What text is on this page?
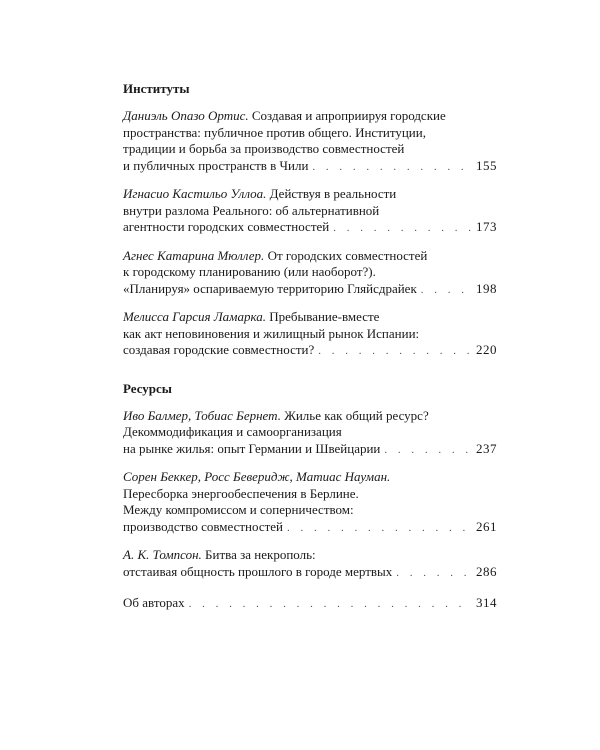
Институты
Даниэль Опазо Ортис. Создавая и апроприируя городские
пространства: публичное против общего. Институции,
традиции и борьба за производство совместностей
и публичных пространств в Чили . . .	155
Игнасио Кастильо Уллоа. Действуя в реальности
внутри разлома Реального: об альтернативной
агентности городских совместностей . . .	173
Агнес Катарина Мюллер. От городских совместностей
к городскому планированию (или наоборот?).
«Планируя» оспариваемую территорию Гляйсдрайек . . .	198
Мелисса Гарсия Ламарка. Пребывание-вместе
как акт неповиновения и жилищный рынок Испании:
создавая городские совместности? . . .	220
Ресурсы
Иво Балмер, Тобиас Бернет. Жилье как общий ресурс?
Декоммодификация и самоорганизация
на рынке жилья: опыт Германии и Швейцарии . . .	237
Сорен Беккер, Росс Беверидж, Матиас Науман.
Пересборка энергообеспечения в Берлине.
Между компромиссом и соперничеством:
производство совместностей . . .	261
А. К. Томпсон. Битва за некрополь:
отстаивая общность прошлого в городе мертвых . . .	286
Об авторах . . .	314
